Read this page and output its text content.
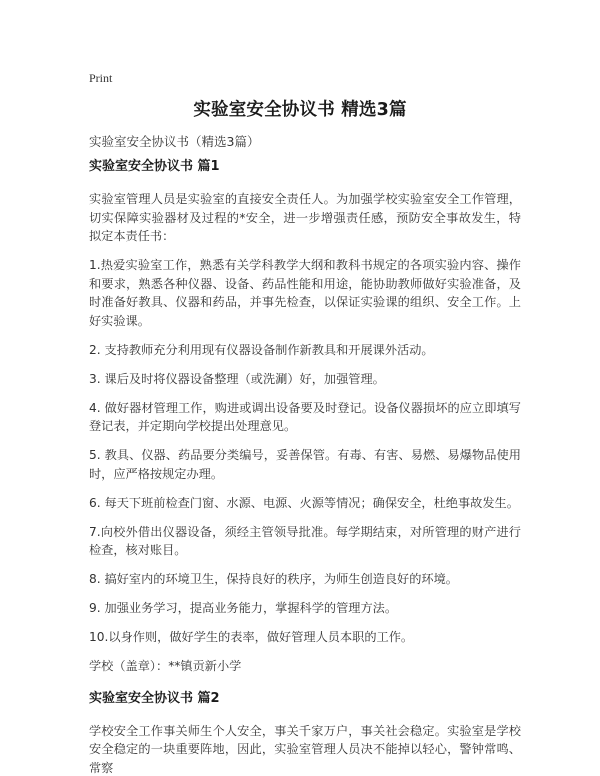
Print
实验室安全协议书 精选3篇
实验室安全协议书（精选3篇）
实验室安全协议书 篇1

实验室管理人员是实验室的直接安全责任人。为加强学校实验室安全工作管理，切实保障实验器材及过程的*安全，进一步增强责任感，预防安全事故发生，特拟定本责任书：

1.热爱实验室工作，熟悉有关学科教学大纲和教科书规定的各项实验内容、操作和要求，熟悉各种仪器、设备、药品性能和用途，能协助教师做好实验准备，及时准备好教具、仪器和药品，并事先检查，以保证实验课的组织、安全工作。上好实验课。

2. 支持教师充分利用现有仪器设备制作新教具和开展课外活动。

3. 课后及时将仪器设备整理（或洗涮）好，加强管理。

4. 做好器材管理工作，购进或调出设备要及时登记。设备仪器损坏的应立即填写登记表，并定期向学校提出处理意见。

5. 教具、仪器、药品要分类编号，妥善保管。有毒、有害、易燃、易爆物品使用时，应严格按规定办理。

6. 每天下班前检查门窗、水源、电源、火源等情况；确保安全，杜绝事故发生。

7.向校外借出仪器设备，须经主管领导批准。每学期结束，对所管理的财产进行检查，核对账目。

8. 搞好室内的环境卫生，保持良好的秩序，为师生创造良好的环境。

9. 加强业务学习，提高业务能力，掌握科学的管理方法。

10.以身作则，做好学生的表率，做好管理人员本职的工作。

学校（盖章）：**镇贡新小学
实验室安全协议书 篇2

学校安全工作事关师生个人安全，事关千家万户，事关社会稳定。实验室是学校安全稳定的一块重要阵地，因此，实验室管理人员决不能掉以轻心，警钟常鸣、常察
